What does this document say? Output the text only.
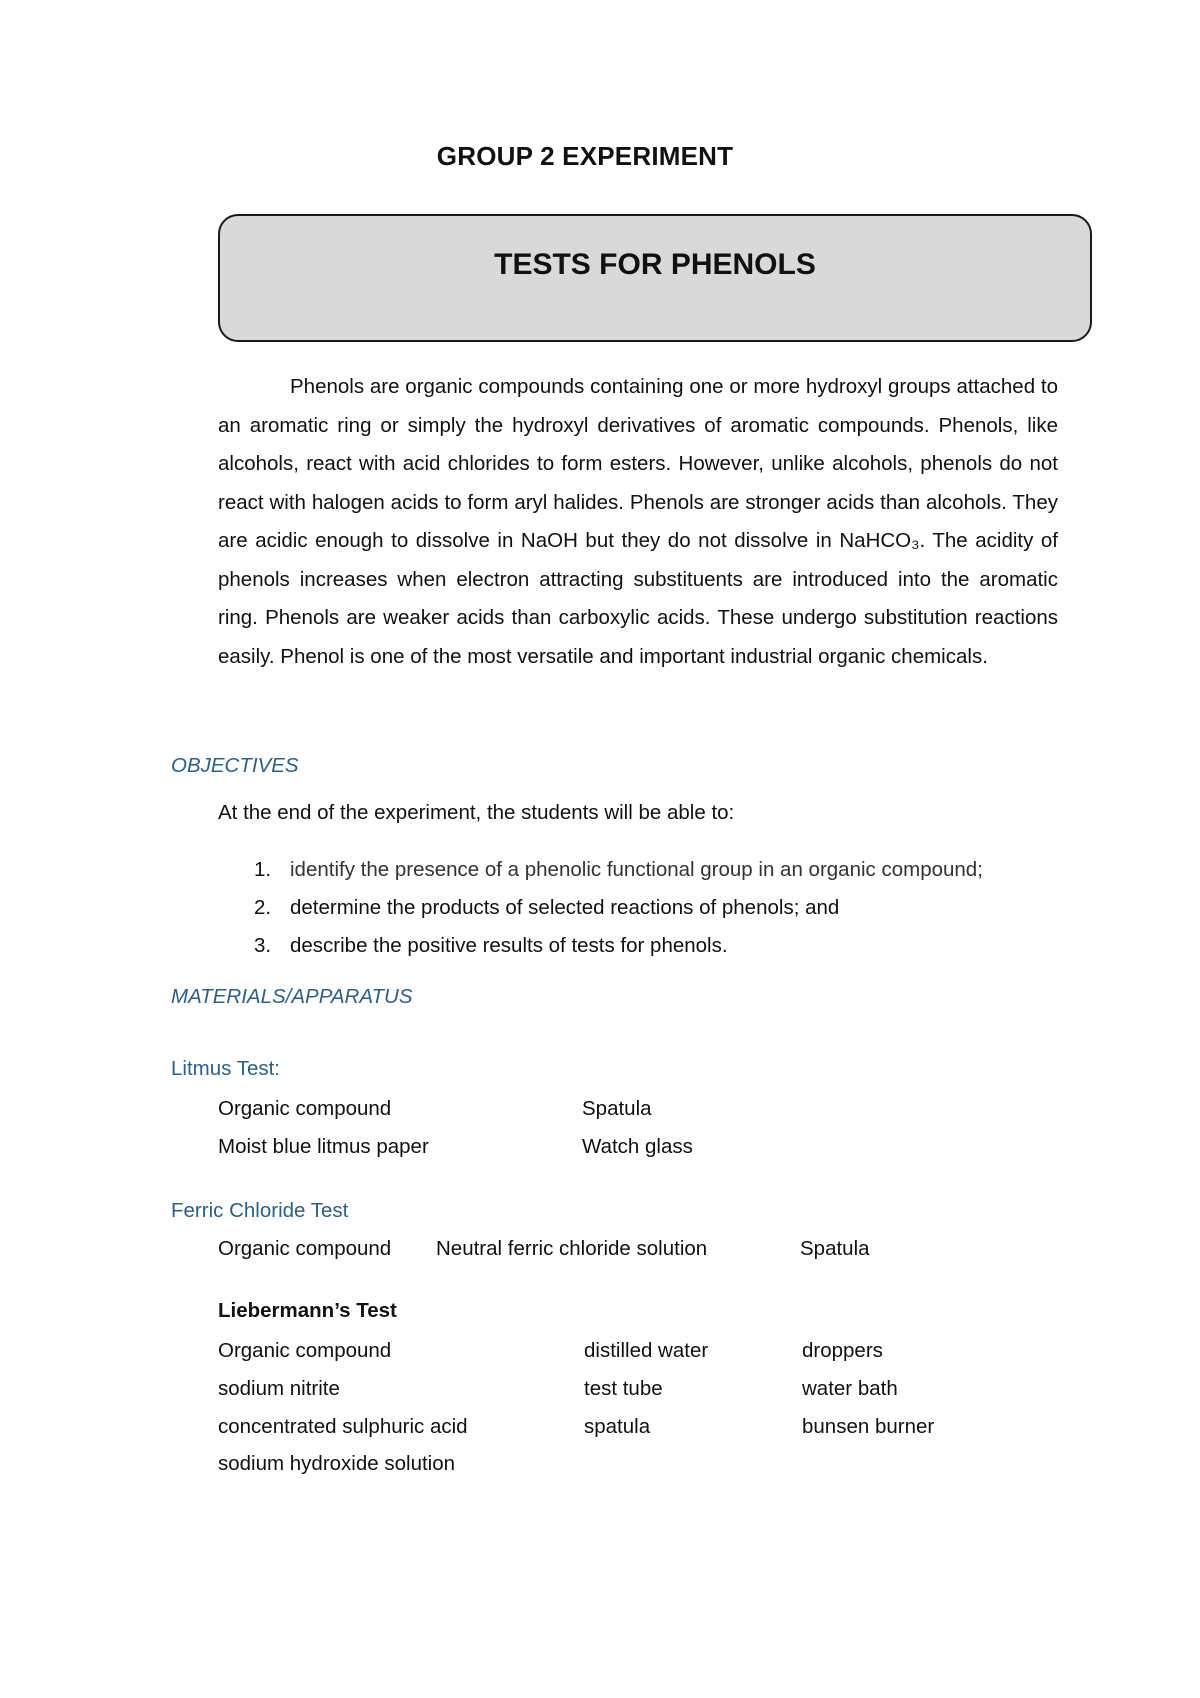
GROUP 2 EXPERIMENT
TESTS FOR PHENOLS

Phenols are organic compounds containing one or more hydroxyl groups attached to an aromatic ring or simply the hydroxyl derivatives of aromatic compounds. Phenols, like alcohols, react with acid chlorides to form esters. However, unlike alcohols, phenols do not react with halogen acids to form aryl halides. Phenols are stronger acids than alcohols. They are acidic enough to dissolve in NaOH but they do not dissolve in NaHCO₃. The acidity of phenols increases when electron attracting substituents are introduced into the aromatic ring. Phenols are weaker acids than carboxylic acids. These undergo substitution reactions easily. Phenol is one of the most versatile and important industrial organic chemicals.

OBJECTIVES
At the end of the experiment, the students will be able to:
1. identify the presence of a phenolic functional group in an organic compound;
2. determine the products of selected reactions of phenols; and
3. describe the positive results of tests for phenols.
MATERIALS/APPARATUS
Litmus Test:
Organic compound	Spatula
Moist blue litmus paper	Watch glass
Ferric Chloride Test
Organic compound Neutral ferric chloride solution	Spatula
Liebermann’s Test
Organic compound	distilled water	droppers
sodium nitrite	test tube	water bath
concentrated sulphuric acid	spatula	bunsen burner
sodium hydroxide solution
